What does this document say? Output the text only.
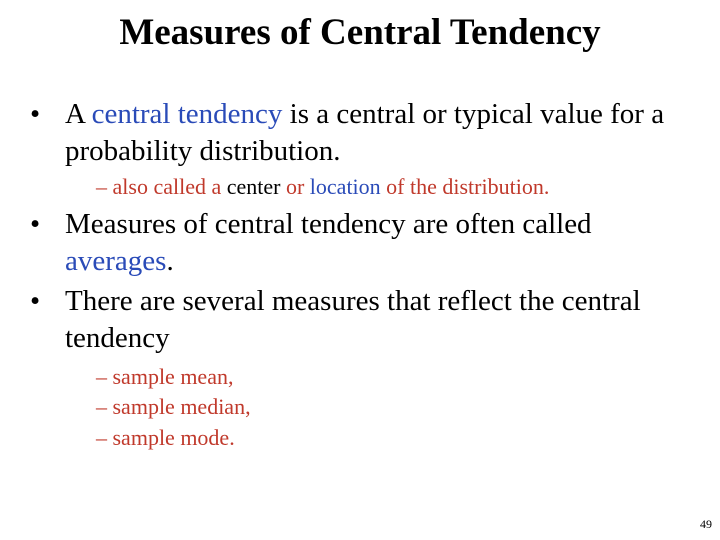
Measures of Central Tendency
• A central tendency is a central or typical value for a probability distribution.
– also called a center or location of the distribution.
• Measures of central tendency are often called averages.
• There are several measures that reflect the central tendency
– sample mean,
– sample median,
– sample mode.
49
